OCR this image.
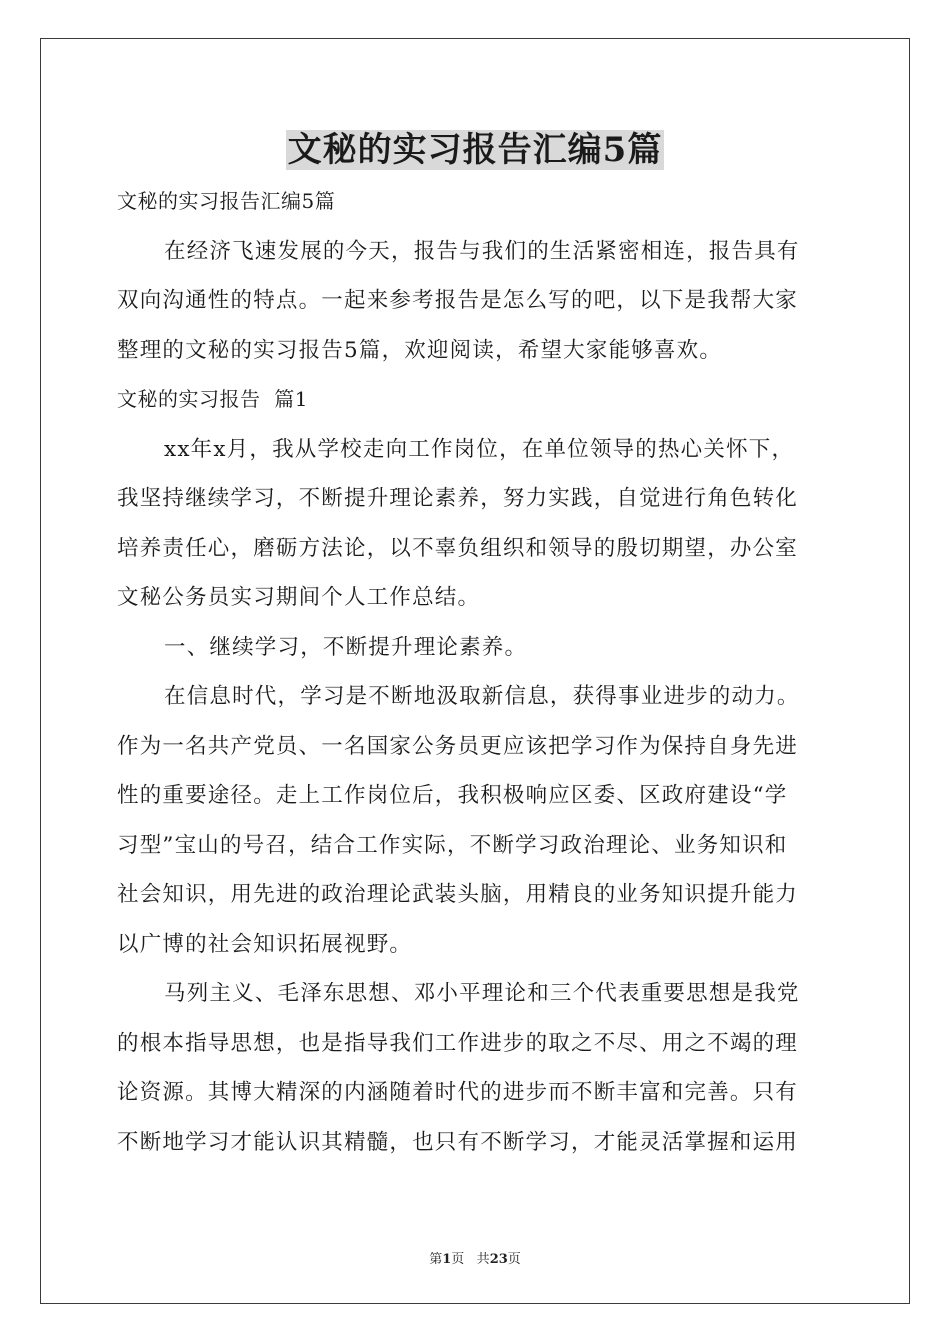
文秘的实习报告汇编5篇

文秘的实习报告汇编5篇

在经济飞速发展的今天，报告与我们的生活紧密相连，报告具有

双向沟通性的特点。一起来参考报告是怎么写的吧，以下是我帮大家

整理的文秘的实习报告5篇，欢迎阅读，希望大家能够喜欢。

文秘的实习报告  篇1

xx年x月，我从学校走向工作岗位，在单位领导的热心关怀下，

我坚持继续学习，不断提升理论素养，努力实践，自觉进行角色转化

培养责任心，磨砺方法论，以不辜负组织和领导的殷切期望，办公室

文秘公务员实习期间个人工作总结。

一、继续学习，不断提升理论素养。

在信息时代，学习是不断地汲取新信息，获得事业进步的动力。

作为一名共产党员、一名国家公务员更应该把学习作为保持自身先进

性的重要途径。走上工作岗位后，我积极响应区委、区政府建设“学

习型”宝山的号召，结合工作实际，不断学习政治理论、业务知识和

社会知识，用先进的政治理论武装头脑，用精良的业务知识提升能力

以广博的社会知识拓展视野。

马列主义、毛泽东思想、邓小平理论和三个代表重要思想是我党

的根本指导思想，也是指导我们工作进步的取之不尽、用之不竭的理

论资源。其博大精深的内涵随着时代的进步而不断丰富和完善。只有

不断地学习才能认识其精髓，也只有不断学习，才能灵活掌握和运用

第1页 共23页
